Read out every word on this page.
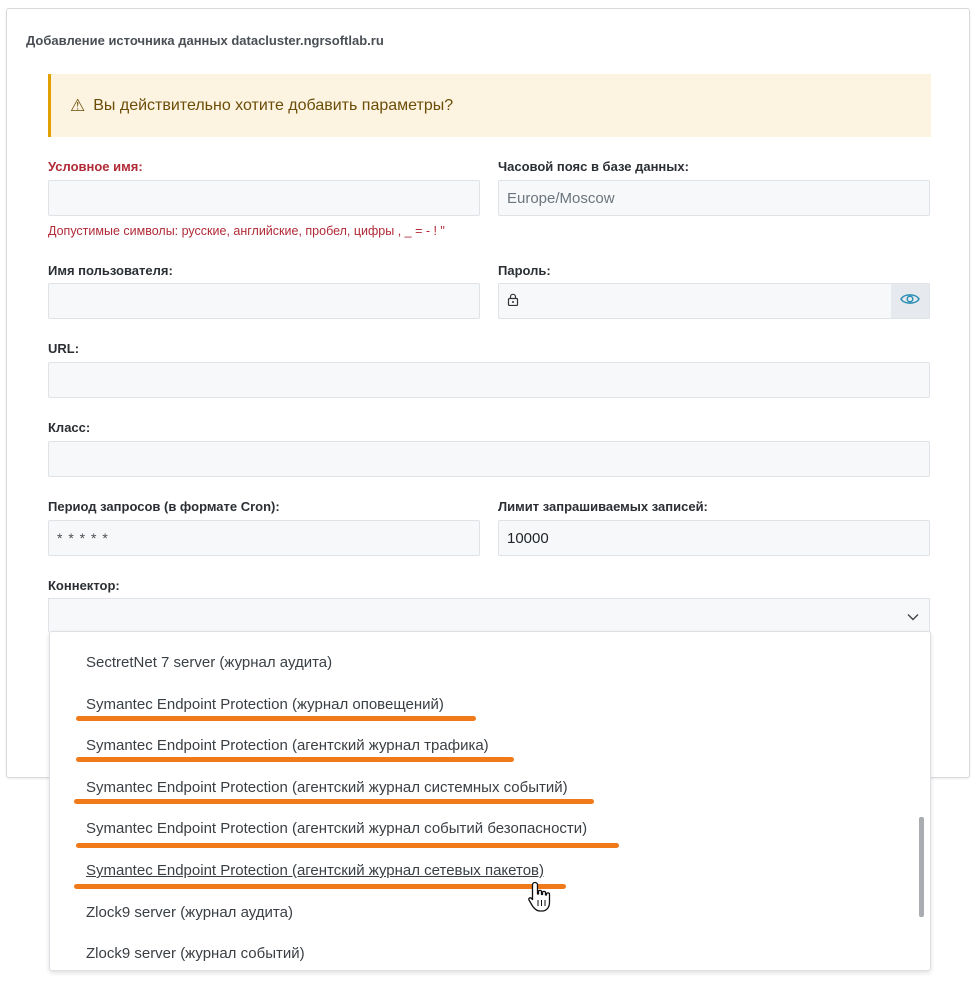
Добавление источника данных datacluster.ngrsoftlab.ru
⚠ Вы действительно хотите добавить параметры?
Условное имя:
Допустимые символы: русские, английские, пробел, цифры , _ = - ! "
Часовой пояс в базе данных:
Europe/Moscow
Имя пользователя:	Пароль:
URL:
Класс:
Период запросов (в формате Cron):
* * * * *
Лимит запрашиваемых записей:
10000
Коннектор:
SectretNet 7 server (журнал аудита)
Symantec Endpoint Protection (журнал оповещений)
Symantec Endpoint Protection (агентский журнал трафика)
Symantec Endpoint Protection (агентский журнал системных событий)
Symantec Endpoint Protection (агентский журнал событий безопасности)
Symantec Endpoint Protection (агентский журнал сетевых пакетов)
Zlock9 server (журнал аудита)
Zlock9 server (журнал событий)
